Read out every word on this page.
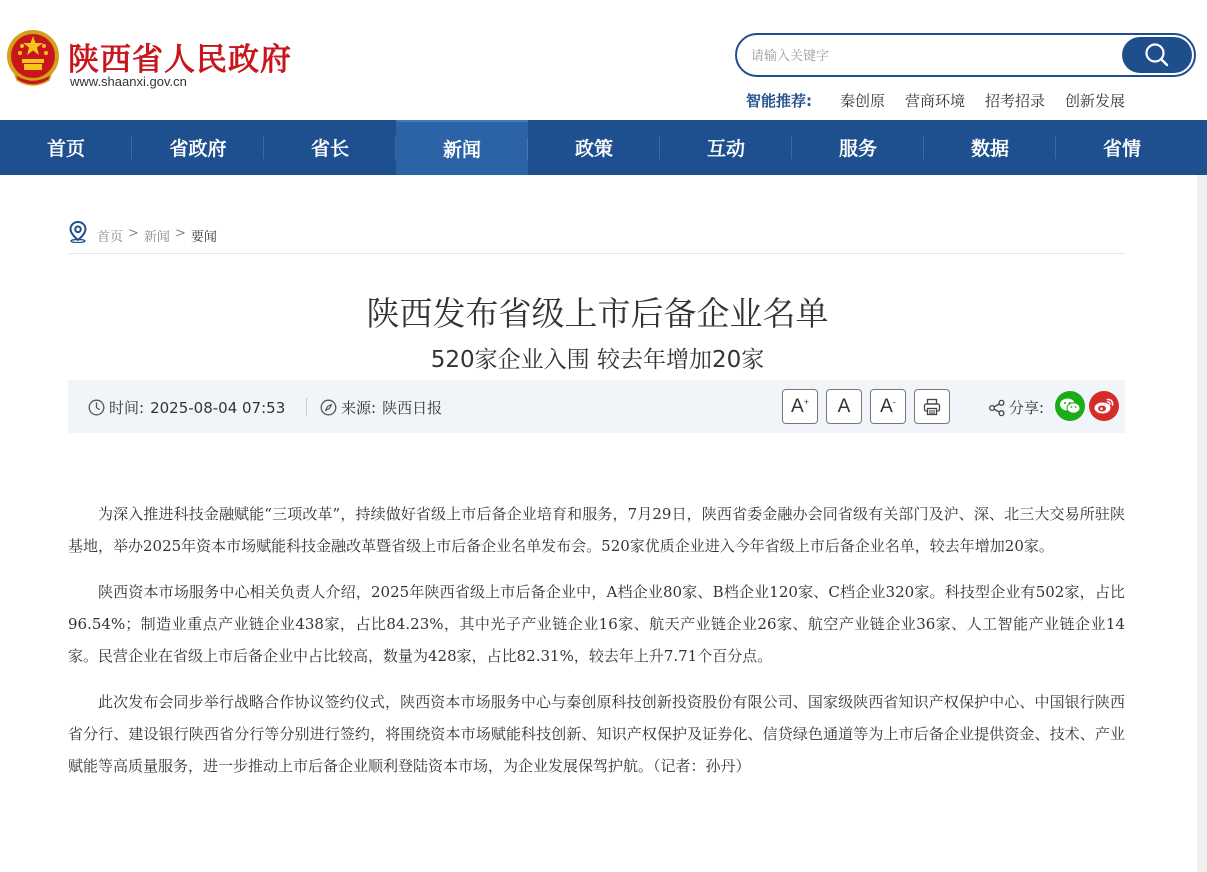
陕西省人民政府
www.shaanxi.gov.cn
请输入关键字
智能推荐: 秦创原 营商环境 招考招录 创新发展
首页	省政府	省长	新闻	政策	互动	服务	数据	省情
首页 > 新闻 > 要闻
陕西发布省级上市后备企业名单
520家企业入围 较去年增加20家
时间: 2025-08-04 07:53	来源: 陕西日报	A+ A A-	分享:

为深入推进科技金融赋能“三项改革”，持续做好省级上市后备企业培育和服务，7月29日，陕西省委金融办会同省级有关部门及沪、深、北三大交易所驻陕基地，举办2025年资本市场赋能科技金融改革暨省级上市后备企业名单发布会。520家优质企业进入今年省级上市后备企业名单，较去年增加20家。

陕西资本市场服务中心相关负责人介绍，2025年陕西省级上市后备企业中，A档企业80家、B档企业120家、C档企业320家。科技型企业有502家，占比96.54%；制造业重点产业链企业438家，占比84.23%，其中光子产业链企业16家、航天产业链企业26家、航空产业链企业36家、人工智能产业链企业14家。民营企业在省级上市后备企业中占比较高，数量为428家，占比82.31%，较去年上升7.71个百分点。

此次发布会同步举行战略合作协议签约仪式，陕西资本市场服务中心与秦创原科技创新投资股份有限公司、国家级陕西省知识产权保护中心、中国银行陕西省分行、建设银行陕西省分行等分别进行签约，将围绕资本市场赋能科技创新、知识产权保护及证券化、信贷绿色通道等为上市后备企业提供资金、技术、产业赋能等高质量服务，进一步推动上市后备企业顺利登陆资本市场，为企业发展保驾护航。（记者：孙丹）
